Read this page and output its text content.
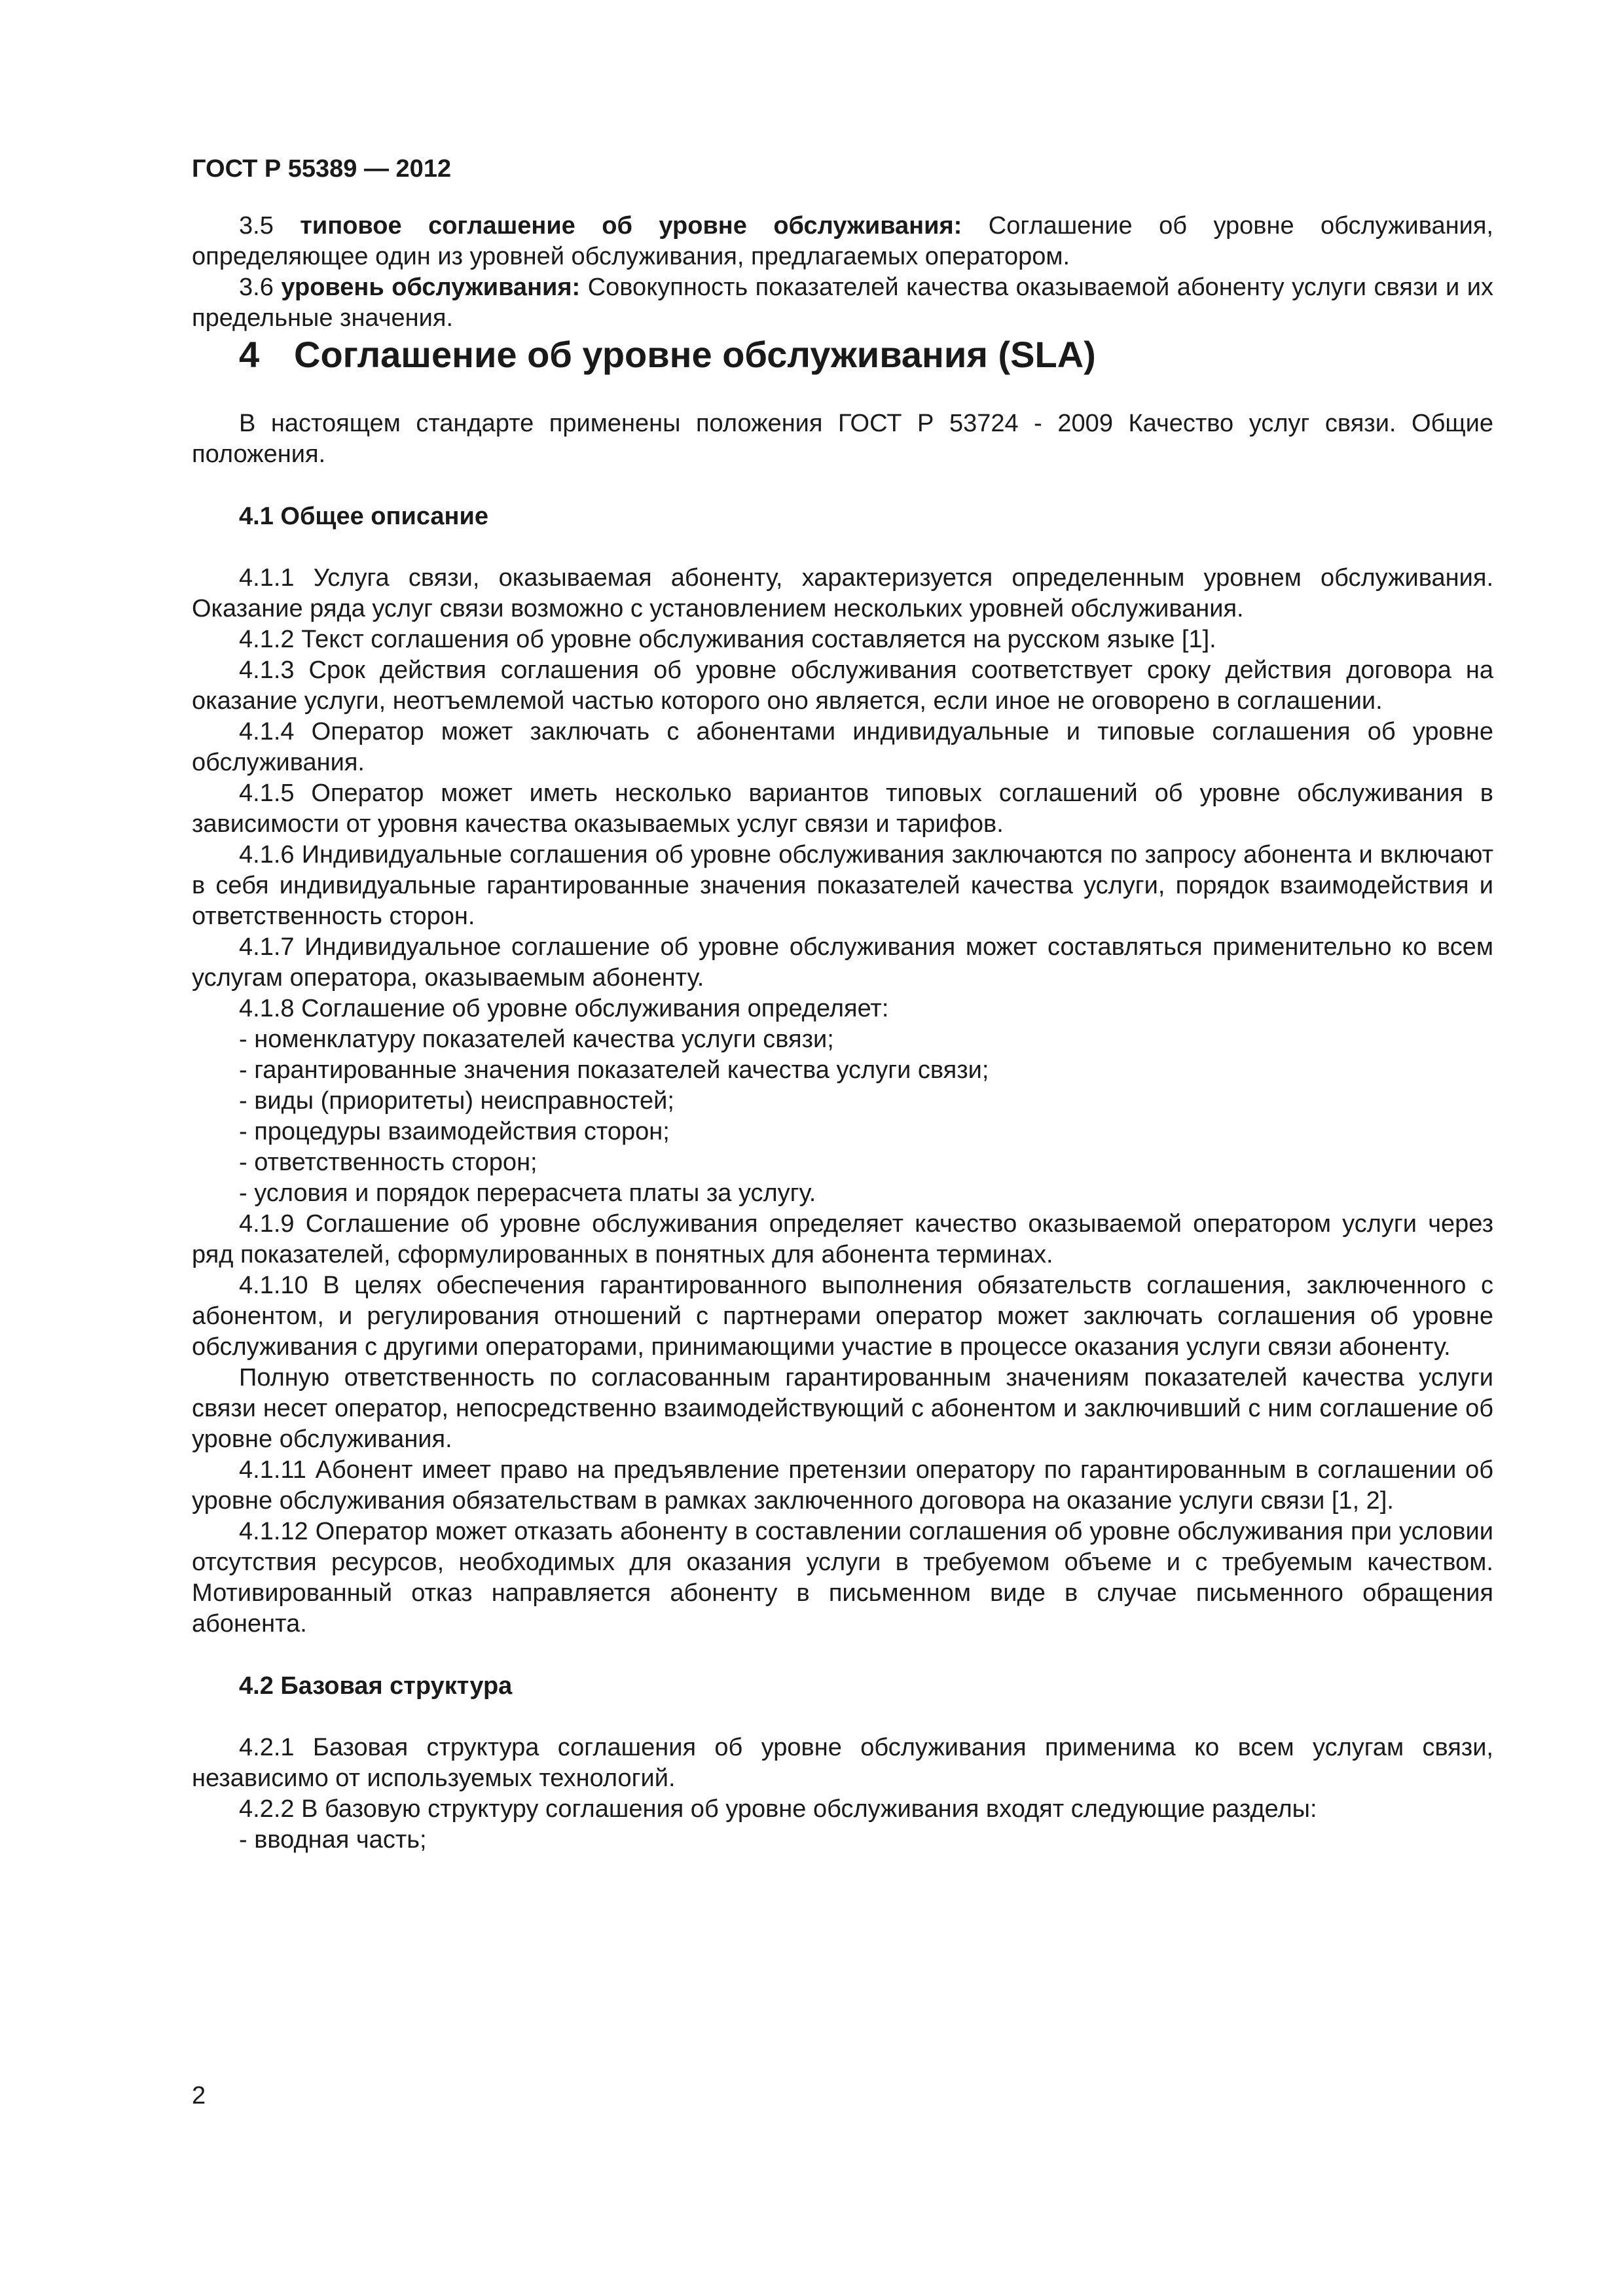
ГОСТ Р 55389 — 2012

3.5 типовое соглашение об уровне обслуживания: Соглашение об уровне обслуживания, определяющее один из уровней обслуживания, предлагаемых оператором.

3.6 уровень обслуживания: Совокупность показателей качества оказываемой абоненту услуги связи и их предельные значения.

4 Соглашение об уровне обслуживания (SLA)

В настоящем стандарте применены положения ГОСТ Р 53724 - 2009 Качество услуг связи. Общие положения.

4.1 Общее описание

4.1.1 Услуга связи, оказываемая абоненту, характеризуется определенным уровнем обслуживания. Оказание ряда услуг связи возможно с установлением нескольких уровней обслуживания.

4.1.2 Текст соглашения об уровне обслуживания составляется на русском языке [1].

4.1.3 Срок действия соглашения об уровне обслуживания соответствует сроку действия договора на оказание услуги, неотъемлемой частью которого оно является, если иное не оговорено в соглашении.

4.1.4 Оператор может заключать с абонентами индивидуальные и типовые соглашения об уровне обслуживания.

4.1.5 Оператор может иметь несколько вариантов типовых соглашений об уровне обслуживания в зависимости от уровня качества оказываемых услуг связи и тарифов.

4.1.6 Индивидуальные соглашения об уровне обслуживания заключаются по запросу абонента и включают в себя индивидуальные гарантированные значения показателей качества услуги, порядок взаимодействия и ответственность сторон.

4.1.7 Индивидуальное соглашение об уровне обслуживания может составляться применительно ко всем услугам оператора, оказываемым абоненту.

4.1.8 Соглашение об уровне обслуживания определяет:

- номенклатуру показателей качества услуги связи;

- гарантированные значения показателей качества услуги связи;

- виды (приоритеты) неисправностей;

- процедуры взаимодействия сторон;

- ответственность сторон;

- условия и порядок перерасчета платы за услугу.

4.1.9 Соглашение об уровне обслуживания определяет качество оказываемой оператором услуги через ряд показателей, сформулированных в понятных для абонента терминах.

4.1.10 В целях обеспечения гарантированного выполнения обязательств соглашения, заключенного с абонентом, и регулирования отношений с партнерами оператор может заключать соглашения об уровне обслуживания с другими операторами, принимающими участие в процессе оказания услуги связи абоненту.

Полную ответственность по согласованным гарантированным значениям показателей качества услуги связи несет оператор, непосредственно взаимодействующий с абонентом и заключивший с ним соглашение об уровне обслуживания.

4.1.11 Абонент имеет право на предъявление претензии оператору по гарантированным в соглашении об уровне обслуживания обязательствам в рамках заключенного договора на оказание услуги связи [1, 2].

4.1.12 Оператор может отказать абоненту в составлении соглашения об уровне обслуживания при условии отсутствия ресурсов, необходимых для оказания услуги в требуемом объеме и с требуемым качеством. Мотивированный отказ направляется абоненту в письменном виде в случае письменного обращения абонента.

4.2 Базовая структура

4.2.1 Базовая структура соглашения об уровне обслуживания применима ко всем услугам связи, независимо от используемых технологий.

4.2.2 В базовую структуру соглашения об уровне обслуживания входят следующие разделы:

- вводная часть;

2
